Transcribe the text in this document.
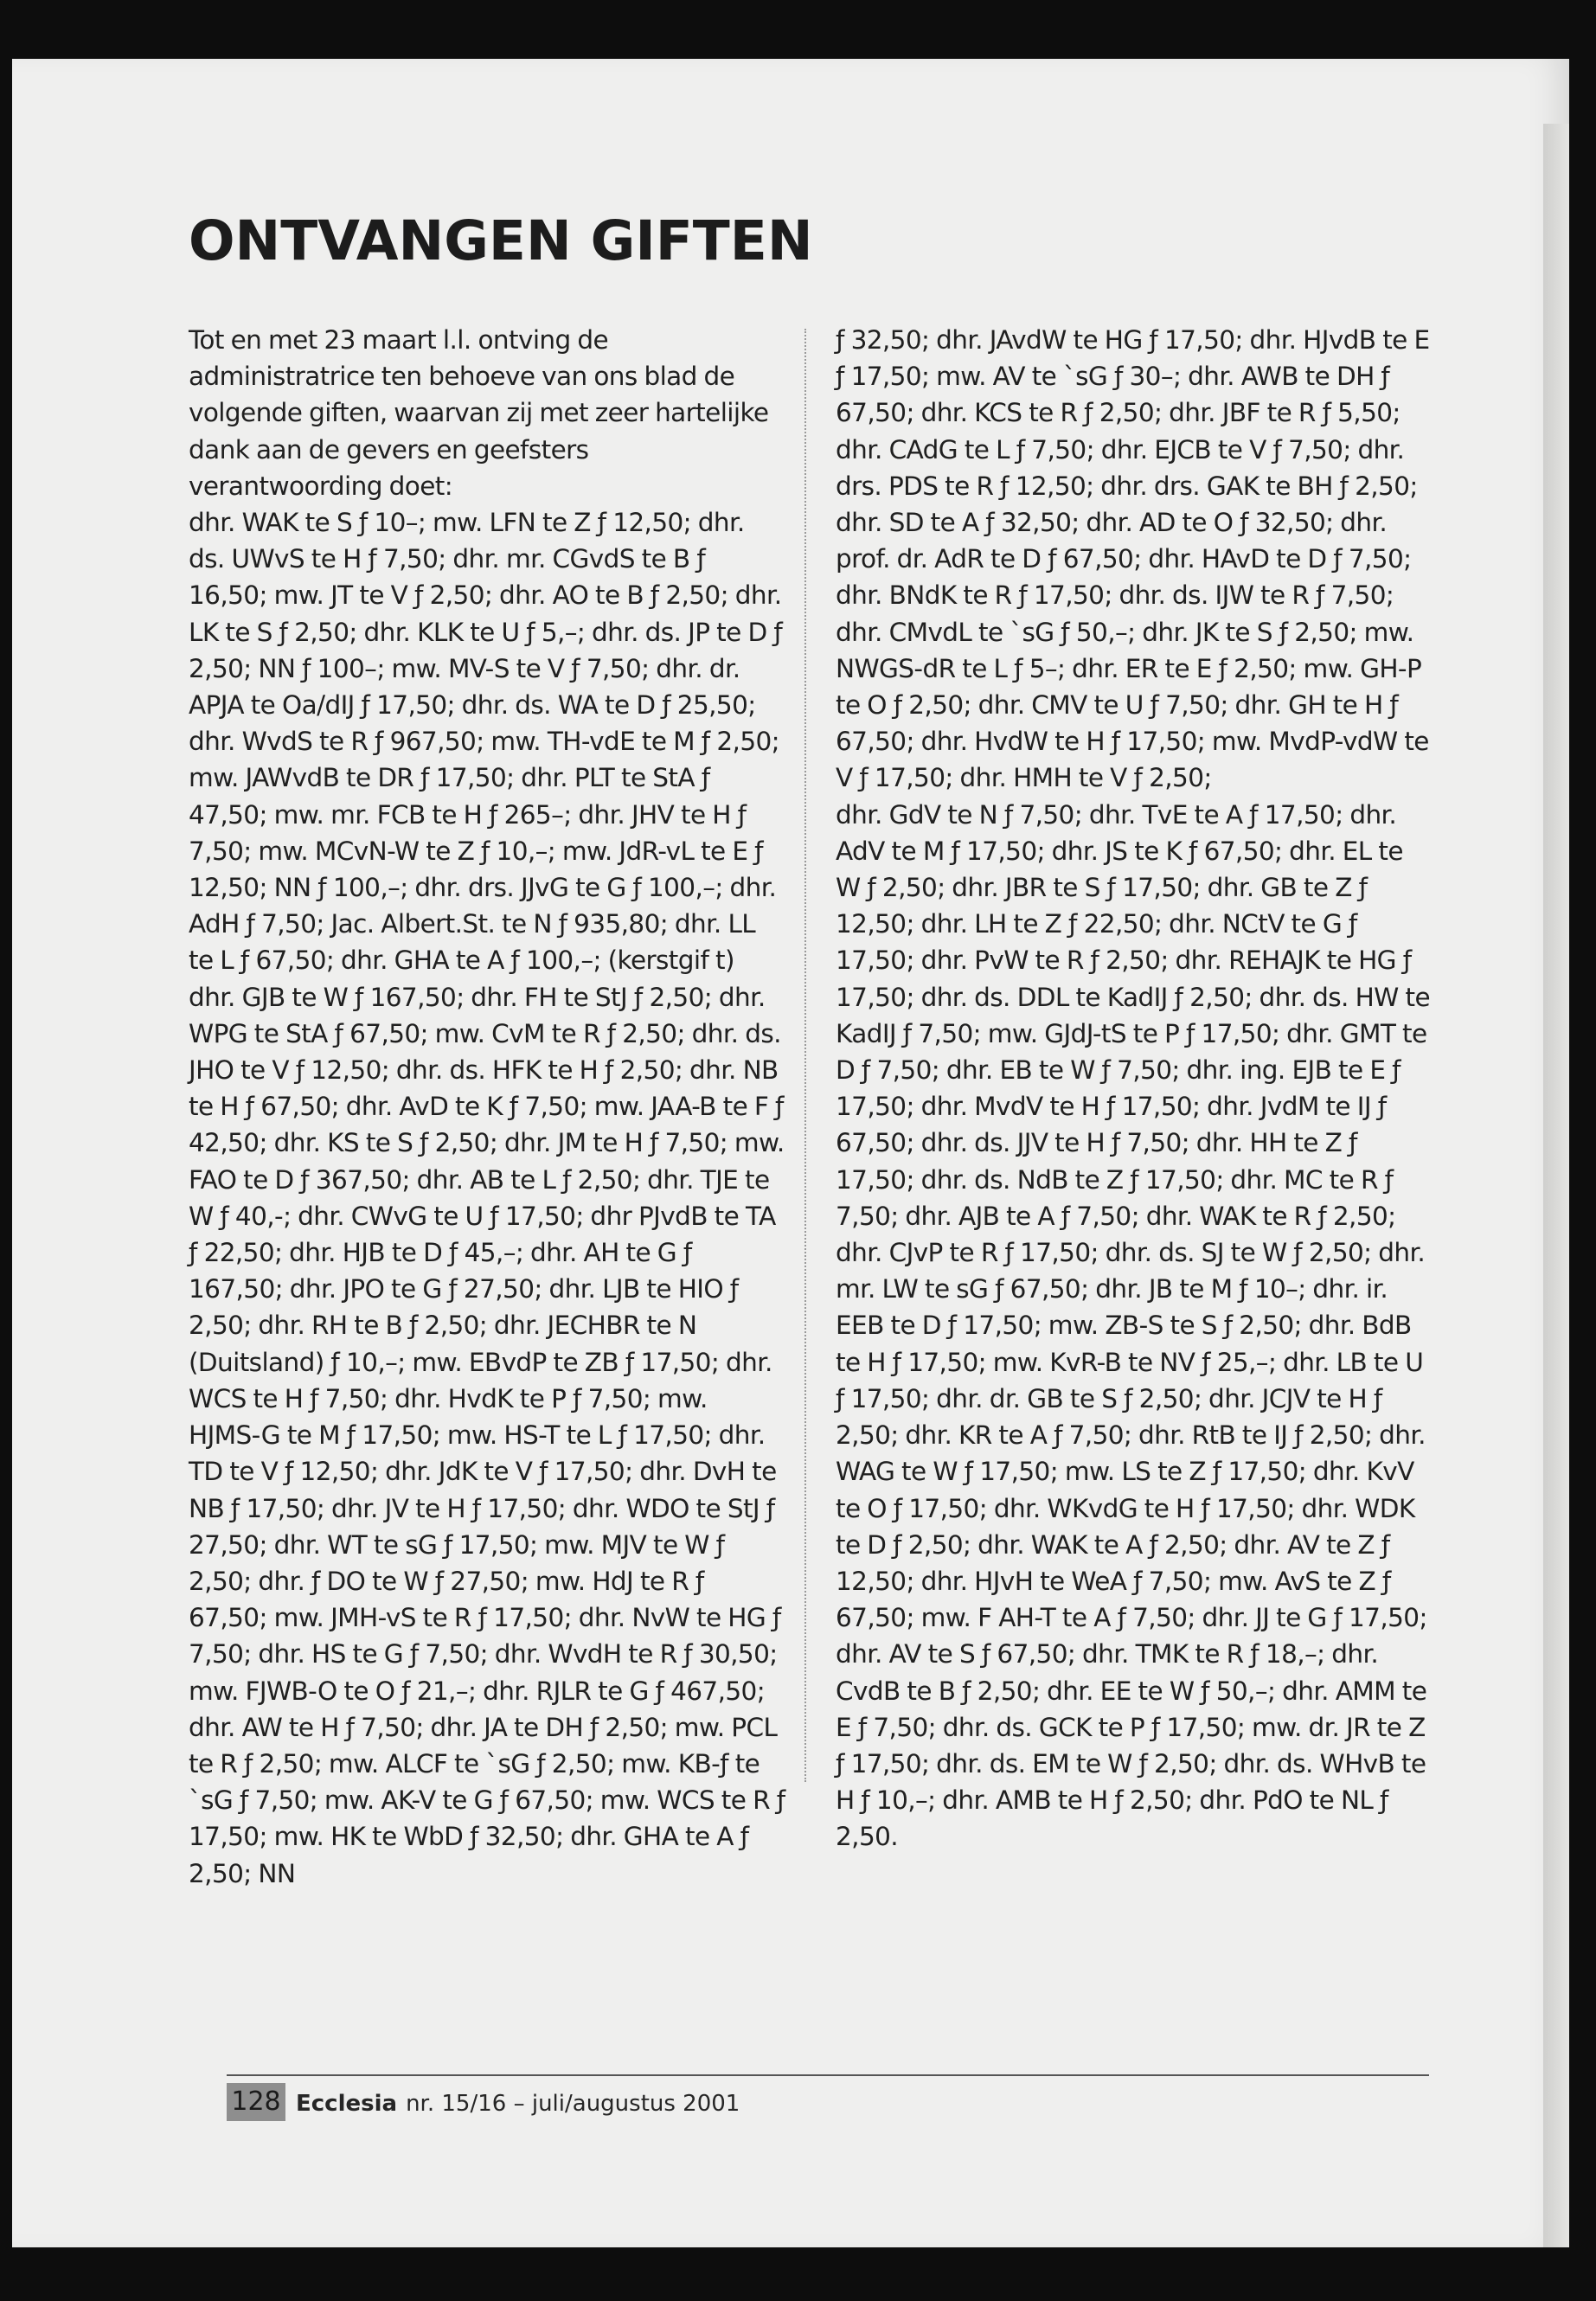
ONTVANGEN GIFTEN

Tot en met 23 maart l.l. ontving de administratrice ten behoeve van ons blad de volgende giften, waarvan zij met zeer hartelijke dank aan de gevers en geefsters verantwoording doet:

dhr. WAK te S ƒ 10–; mw. LFN te Z ƒ 12,50; dhr. ds. UWvS te H ƒ 7,50; dhr. mr. CGvdS te B ƒ 16,50; mw. JT te V ƒ 2,50; dhr. AO te B ƒ 2,50; dhr. LK te S ƒ 2,50; dhr. KLK te U ƒ 5,–; dhr. ds. JP te D ƒ 2,50; NN ƒ 100–; mw. MV-S te V ƒ 7,50; dhr. dr. APJA te Oa/dIJ ƒ 17,50; dhr. ds. WA te D ƒ 25,50; dhr. WvdS te R ƒ 967,50; mw. TH-vdE te M ƒ 2,50; mw. JAWvdB te DR ƒ 17,50; dhr. PLT te StA ƒ 47,50; mw. mr. FCB te H ƒ 265–; dhr. JHV te H ƒ 7,50; mw. MCvN-W te Z ƒ 10,–; mw. JdR-vL te E ƒ 12,50; NN ƒ 100,–; dhr. drs. JJvG te G ƒ 100,–; dhr. AdH ƒ 7,50; Jac. Albert.St. te N ƒ 935,80; dhr. LL te L ƒ 67,50; dhr. GHA te A ƒ 100,–; (kerstgif t) dhr. GJB te W ƒ 167,50; dhr. FH te StJ ƒ 2,50; dhr. WPG te StA ƒ 67,50; mw. CvM te R ƒ 2,50; dhr. ds. JHO te V ƒ 12,50; dhr. ds. HFK te H ƒ 2,50; dhr. NB te H ƒ 67,50; dhr. AvD te K ƒ 7,50; mw. JAA-B te F ƒ 42,50; dhr. KS te S ƒ 2,50; dhr. JM te H ƒ 7,50; mw. FAO te D ƒ 367,50; dhr. AB te L ƒ 2,50; dhr. TJE te W ƒ 40,-; dhr. CWvG te U ƒ 17,50; dhr PJvdB te TA ƒ 22,50; dhr. HJB te D ƒ 45,–; dhr. AH te G ƒ 167,50; dhr. JPO te G ƒ 27,50; dhr. LJB te HIO ƒ 2,50; dhr. RH te B ƒ 2,50; dhr. JECHBR te N (Duitsland) ƒ 10,–; mw. EBvdP te ZB ƒ 17,50; dhr. WCS te H ƒ 7,50; dhr. HvdK te P ƒ 7,50; mw. HJMS-G te M ƒ 17,50; mw. HS-T te L ƒ 17,50; dhr. TD te V ƒ 12,50; dhr. JdK te V ƒ 17,50; dhr. DvH te NB ƒ 17,50; dhr. JV te H ƒ 17,50; dhr. WDO te StJ ƒ 27,50; dhr. WT te sG ƒ 17,50; mw. MJV te W ƒ 2,50; dhr. ƒ DO te W ƒ 27,50; mw. HdJ te R ƒ 67,50; mw. JMH-vS te R ƒ 17,50; dhr. NvW te HG ƒ 7,50; dhr. HS te G ƒ 7,50; dhr. WvdH te R ƒ 30,50; mw. FJWB-O te O ƒ 21,–; dhr. RJLR te G ƒ 467,50; dhr. AW te H ƒ 7,50; dhr. JA te DH ƒ 2,50; mw. PCL te R ƒ 2,50; mw. ALCF te `sG ƒ 2,50; mw. KB-ƒ te `sG ƒ 7,50; mw. AK-V te G ƒ 67,50; mw. WCS te R ƒ 17,50; mw. HK te WbD ƒ 32,50; dhr. GHA te A ƒ 2,50; NN

ƒ 32,50; dhr. JAvdW te HG ƒ 17,50; dhr. HJvdB te E ƒ 17,50; mw. AV te `sG ƒ 30–; dhr. AWB te DH ƒ 67,50; dhr. KCS te R ƒ 2,50; dhr. JBF te R ƒ 5,50; dhr. CAdG te L ƒ 7,50; dhr. EJCB te V ƒ 7,50; dhr. drs. PDS te R ƒ 12,50; dhr. drs. GAK te BH ƒ 2,50; dhr. SD te A ƒ 32,50; dhr. AD te O ƒ 32,50; dhr. prof. dr. AdR te D ƒ 67,50; dhr. HAvD te D ƒ 7,50; dhr. BNdK te R ƒ 17,50; dhr. ds. IJW te R ƒ 7,50; dhr. CMvdL te `sG ƒ 50,–; dhr. JK te S ƒ 2,50; mw. NWGS-dR te L ƒ 5–; dhr. ER te E ƒ 2,50; mw. GH-P te O ƒ 2,50; dhr. CMV te U ƒ 7,50; dhr. GH te H ƒ 67,50; dhr. HvdW te H ƒ 17,50; mw. MvdP-vdW te V ƒ 17,50; dhr. HMH te V ƒ 2,50;

dhr. GdV te N ƒ 7,50; dhr. TvE te A ƒ 17,50; dhr. AdV te M ƒ 17,50; dhr. JS te K ƒ 67,50; dhr. EL te W ƒ 2,50; dhr. JBR te S ƒ 17,50; dhr. GB te Z ƒ 12,50; dhr. LH te Z ƒ 22,50; dhr. NCtV te G ƒ 17,50; dhr. PvW te R ƒ 2,50; dhr. REHAJK te HG ƒ 17,50; dhr. ds. DDL te KadIJ ƒ 2,50; dhr. ds. HW te KadIJ ƒ 7,50; mw. GJdJ-tS te P ƒ 17,50; dhr. GMT te D ƒ 7,50; dhr. EB te W ƒ 7,50; dhr. ing. EJB te E ƒ 17,50; dhr. MvdV te H ƒ 17,50; dhr. JvdM te IJ ƒ 67,50; dhr. ds. JJV te H ƒ 7,50; dhr. HH te Z ƒ 17,50; dhr. ds. NdB te Z ƒ 17,50; dhr. MC te R ƒ 7,50; dhr. AJB te A ƒ 7,50; dhr. WAK te R ƒ 2,50; dhr. CJvP te R ƒ 17,50; dhr. ds. SJ te W ƒ 2,50; dhr. mr. LW te sG ƒ 67,50; dhr. JB te M ƒ 10–; dhr. ir. EEB te D ƒ 17,50; mw. ZB-S te S ƒ 2,50; dhr. BdB te H ƒ 17,50; mw. KvR-B te NV ƒ 25,–; dhr. LB te U ƒ 17,50; dhr. dr. GB te S ƒ 2,50; dhr. JCJV te H ƒ 2,50; dhr. KR te A ƒ 7,50; dhr. RtB te IJ ƒ 2,50; dhr. WAG te W ƒ 17,50; mw. LS te Z ƒ 17,50; dhr. KvV te O ƒ 17,50; dhr. WKvdG te H ƒ 17,50; dhr. WDK te D ƒ 2,50; dhr. WAK te A ƒ 2,50; dhr. AV te Z ƒ 12,50; dhr. HJvH te WeA ƒ 7,50; mw. AvS te Z ƒ 67,50; mw. F AH-T te A ƒ 7,50; dhr. JJ te G ƒ 17,50; dhr. AV te S ƒ 67,50; dhr. TMK te R ƒ 18,–; dhr. CvdB te B ƒ 2,50; dhr. EE te W ƒ 50,–; dhr. AMM te E ƒ 7,50; dhr. ds. GCK te P ƒ 17,50; mw. dr. JR te Z ƒ 17,50; dhr. ds. EM te W ƒ 2,50; dhr. ds. WHvB te H ƒ 10,–; dhr. AMB te H ƒ 2,50; dhr. PdO te NL ƒ 2,50.

128 Ecclesia nr. 15/16 – juli/augustus 2001
